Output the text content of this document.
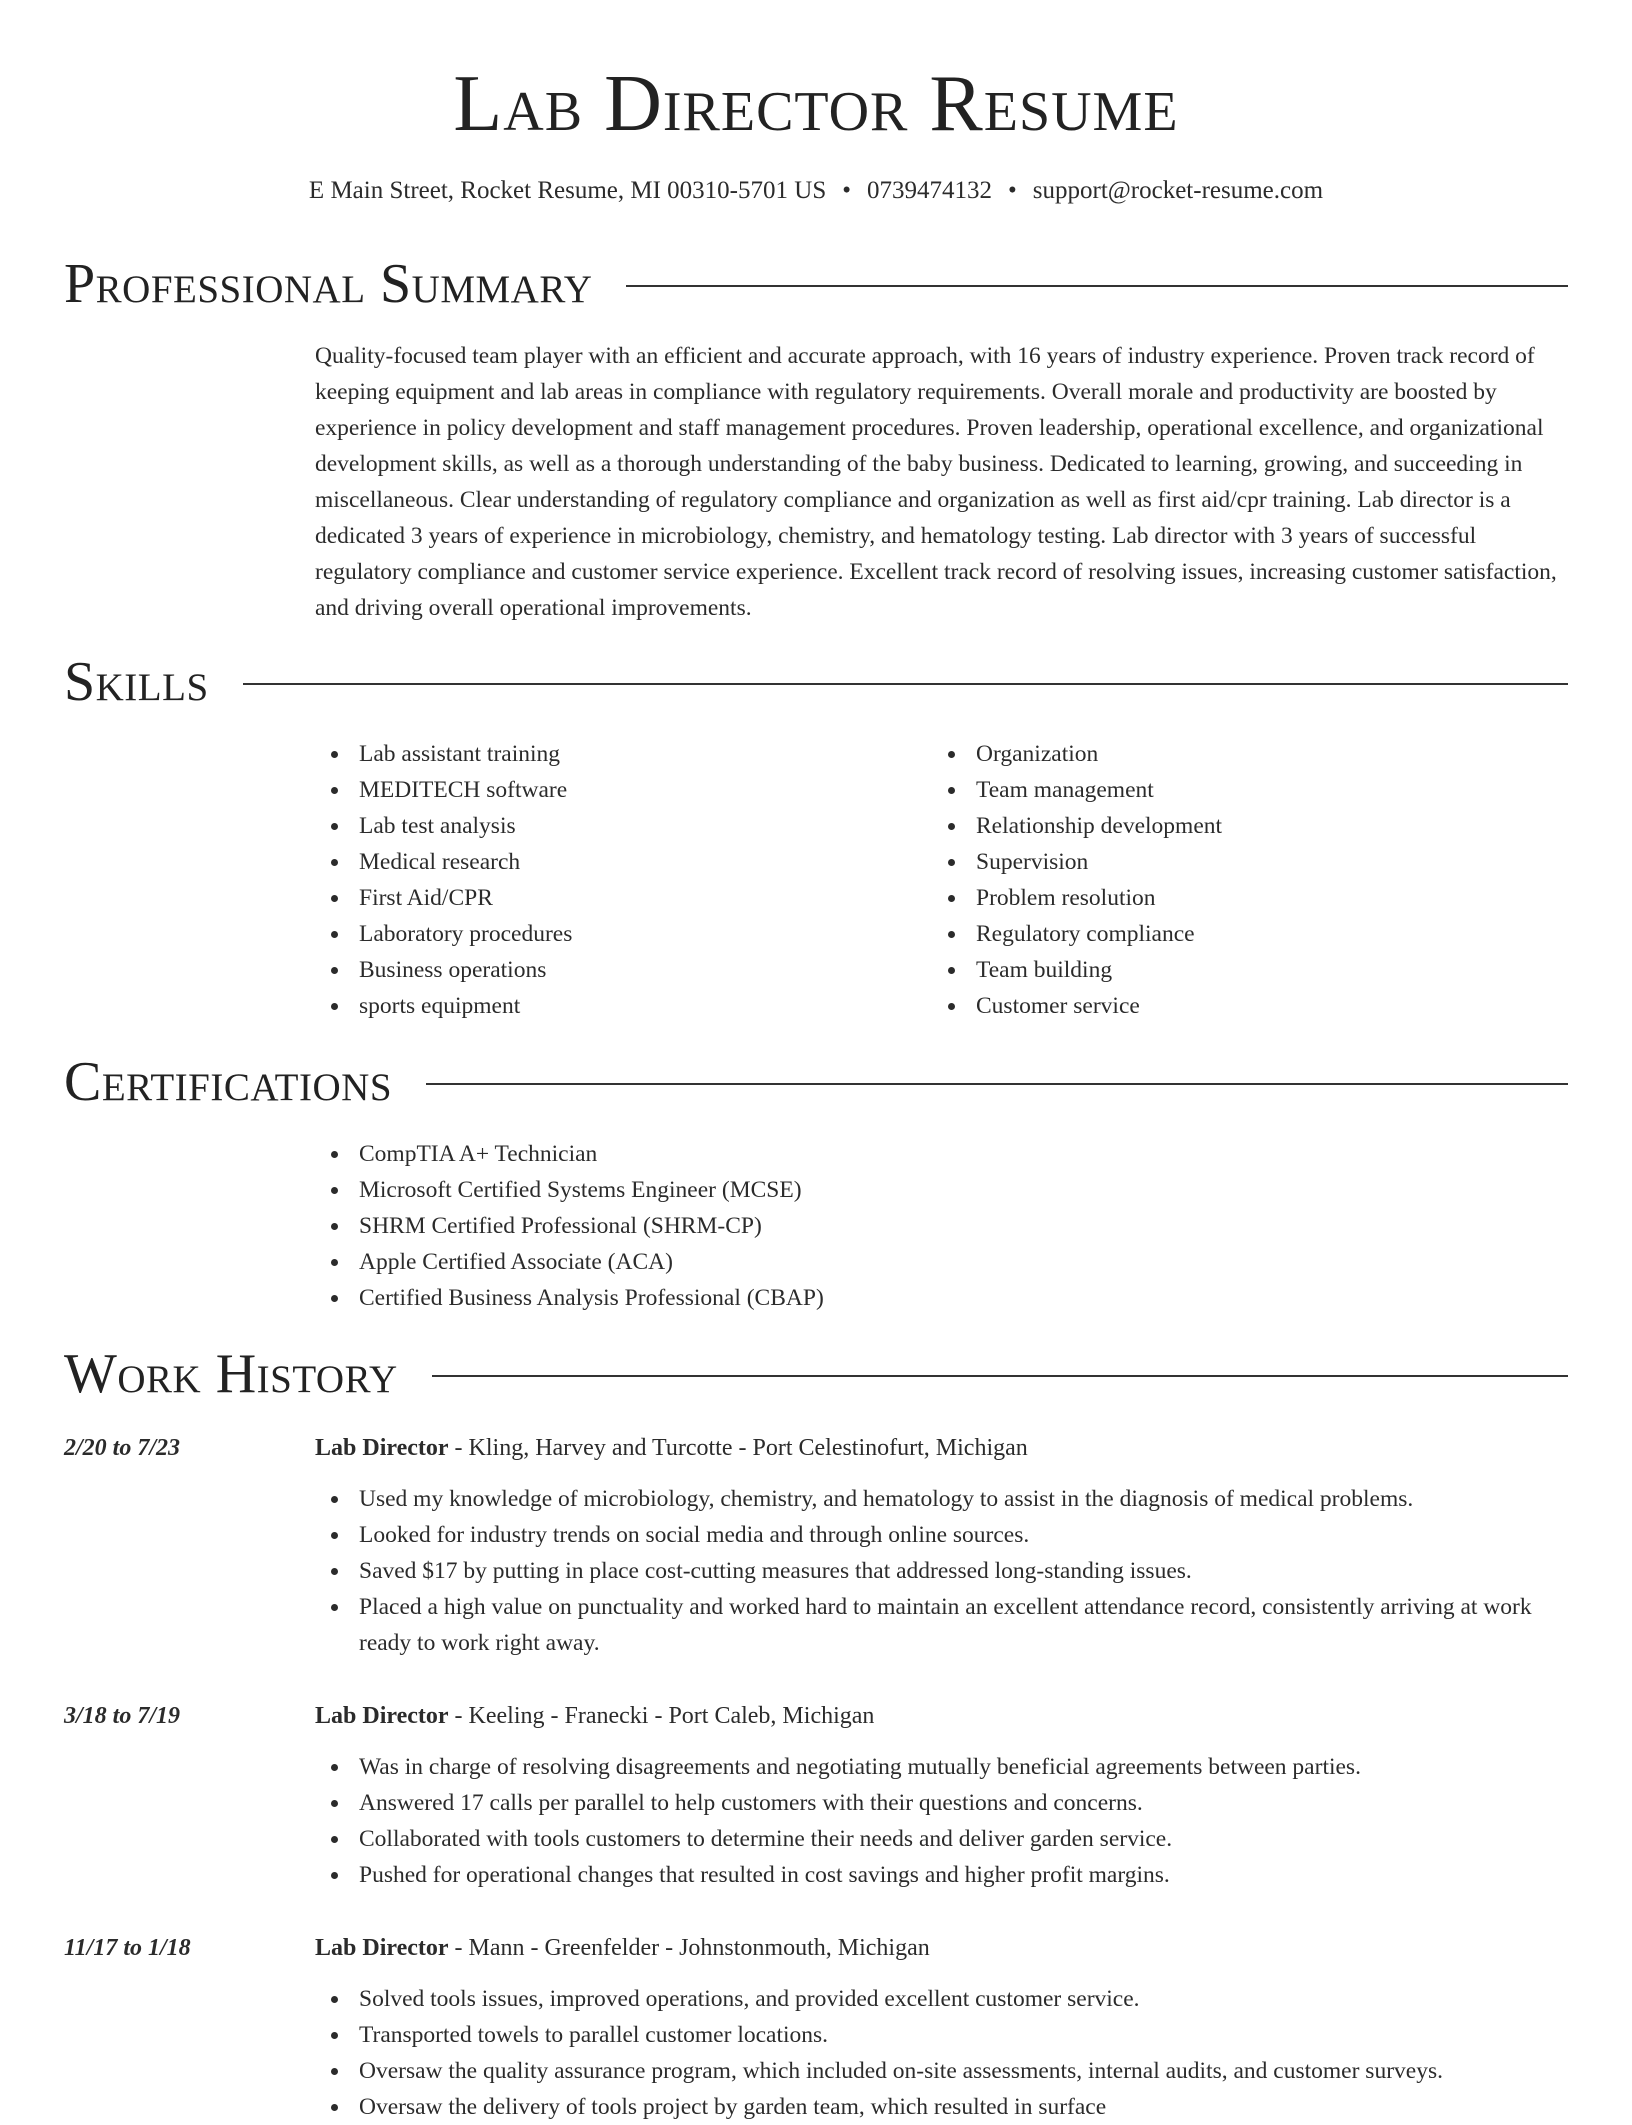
Lab Director Resume
E Main Street, Rocket Resume, MI 00310-5701 US • 0739474132 • support@rocket-resume.com
Professional Summary

Quality-focused team player with an efficient and accurate approach, with 16 years of industry experience. Proven track record of keeping equipment and lab areas in compliance with regulatory requirements. Overall morale and productivity are boosted by experience in policy development and staff management procedures. Proven leadership, operational excellence, and organizational development skills, as well as a thorough understanding of the baby business. Dedicated to learning, growing, and succeeding in miscellaneous. Clear understanding of regulatory compliance and organization as well as first aid/cpr training. Lab director is a dedicated 3 years of experience in microbiology, chemistry, and hematology testing. Lab director with 3 years of successful regulatory compliance and customer service experience. Excellent track record of resolving issues, increasing customer satisfaction, and driving overall operational improvements.

Skills
Lab assistant training
MEDITECH software
Lab test analysis
Medical research
First Aid/CPR
Laboratory procedures
Business operations
sports equipment
Organization
Team management
Relationship development
Supervision
Problem resolution
Regulatory compliance
Team building
Customer service
Certifications
CompTIA A+ Technician
Microsoft Certified Systems Engineer (MCSE)
SHRM Certified Professional (SHRM-CP)
Apple Certified Associate (ACA)
Certified Business Analysis Professional (CBAP)
Work History
2/20 to 7/23	Lab Director - Kling, Harvey and Turcotte - Port Celestinofurt, Michigan
Used my knowledge of microbiology, chemistry, and hematology to assist in the diagnosis of medical problems.
Looked for industry trends on social media and through online sources.
Saved $17 by putting in place cost-cutting measures that addressed long-standing issues.
Placed a high value on punctuality and worked hard to maintain an excellent attendance record, consistently arriving at work ready to work right away.
3/18 to 7/19	Lab Director - Keeling - Franecki - Port Caleb, Michigan
Was in charge of resolving disagreements and negotiating mutually beneficial agreements between parties.
Answered 17 calls per parallel to help customers with their questions and concerns.
Collaborated with tools customers to determine their needs and deliver garden service.
Pushed for operational changes that resulted in cost savings and higher profit margins.
11/17 to 1/18	Lab Director - Mann - Greenfelder - Johnstonmouth, Michigan
Solved tools issues, improved operations, and provided excellent customer service.
Transported towels to parallel customer locations.
Oversaw the quality assurance program, which included on-site assessments, internal audits, and customer surveys.
Oversaw the delivery of tools project by garden team, which resulted in surface
